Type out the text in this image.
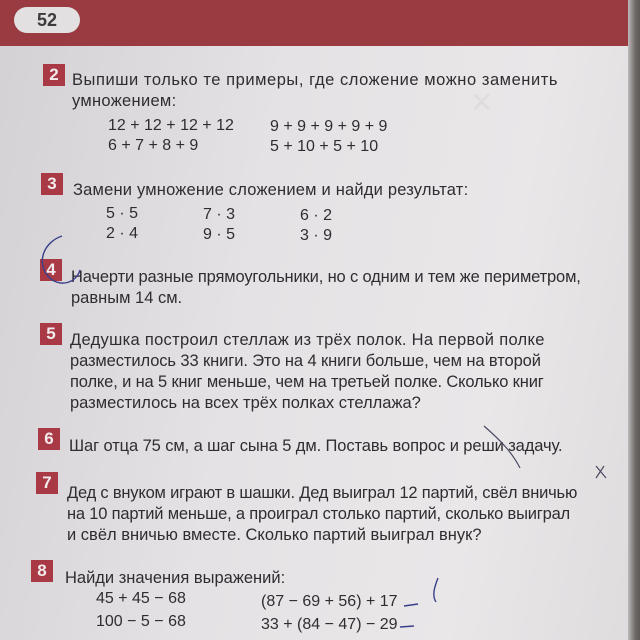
52
✕
2 Выпиши только те примеры, где сложение можно заменить
умножением:
12 + 12 + 12 + 12
6 + 7 + 8 + 9
9 + 9 + 9 + 9 + 9
5 + 10 + 5 + 10
3 Замени умножение сложением и найди результат:
5 · 5
2 · 4
7 · 3
9 · 5
6 · 2
3 · 9
4 Начерти разные прямоугольники, но с одним и тем же периметром,
равным 14 см.
5 Дедушка построил стеллаж из трёх полок. На первой полке
разместилось 33 книги. Это на 4 книги больше, чем на второй
полке, и на 5 книг меньше, чем на третьей полке. Сколько книг
разместилось на всех трёх полках стеллажа?
6 Шаг отца 75 см, а шаг сына 5 дм. Поставь вопрос и реши задачу.
7
Дед с внуком играют в шашки. Дед выиграл 12 партий, свёл вничью
на 10 партий меньше, а проиграл столько партий, сколько выиграл
и свёл вничью вместе. Сколько партий выиграл внук?
8	Найди значения выражений:
45 + 45 − 68
100 − 5 − 68
(87 − 69 + 56) + 17
33 + (84 − 47) − 29
